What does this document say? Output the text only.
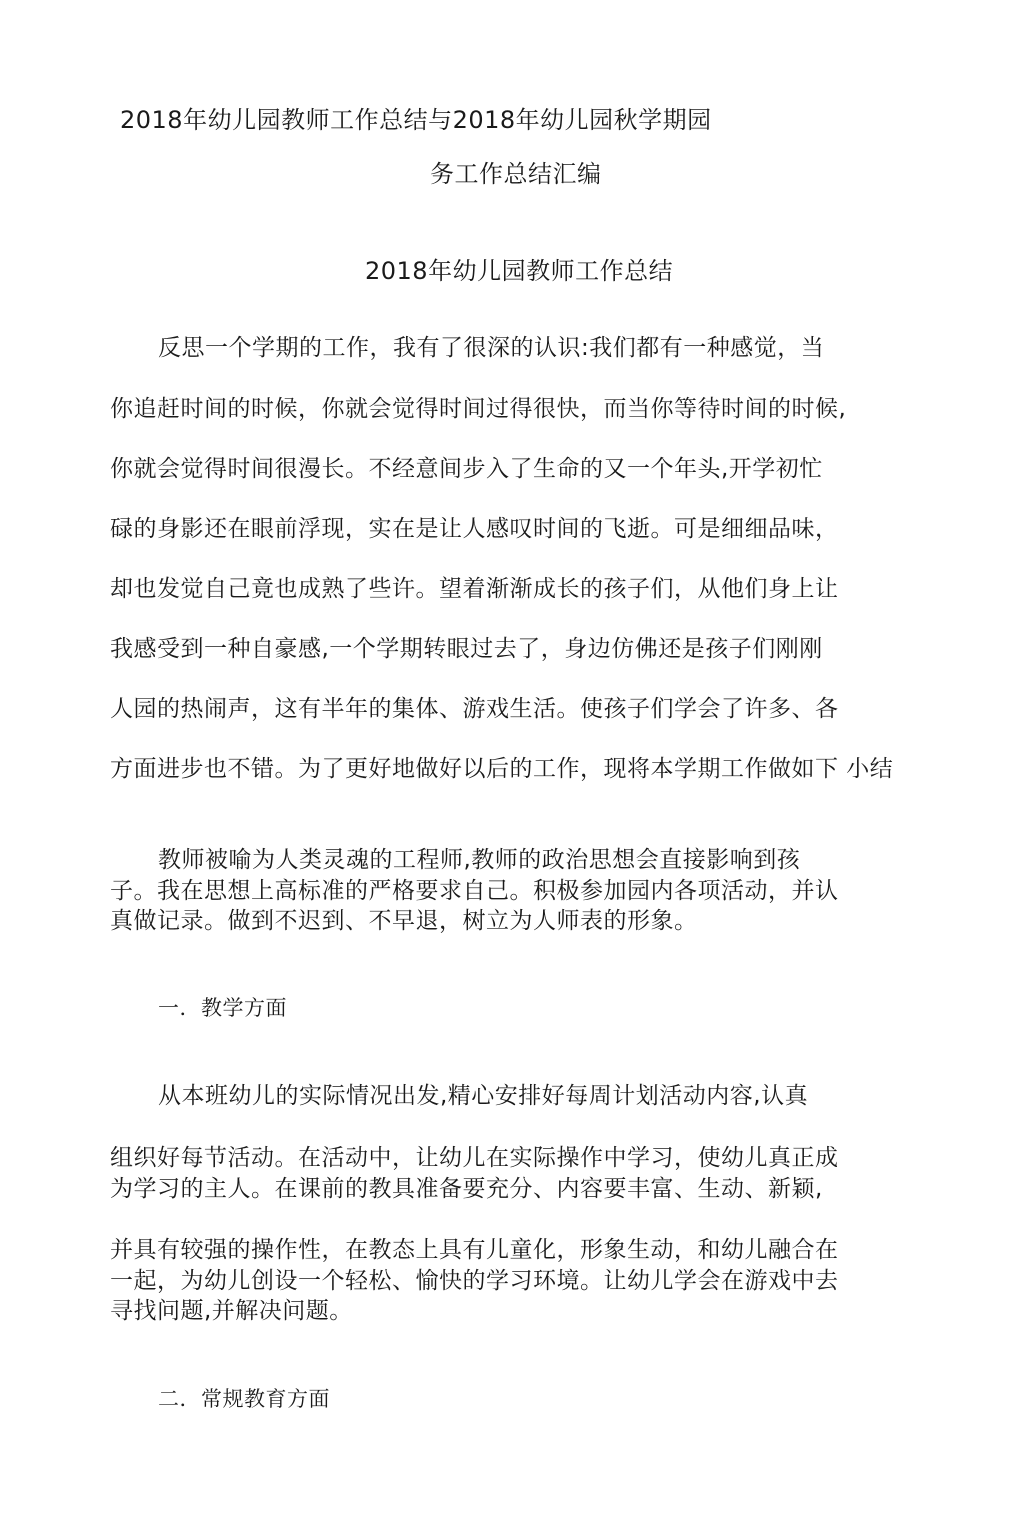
2018年幼儿园教师工作总结与2018年幼儿园秋学期园
务工作总结汇编
2018年幼儿园教师工作总结
反思一个学期的工作，我有了很深的认识:我们都有一种感觉，当
你追赶时间的时候，你就会觉得时间过得很快，而当你等待时间的时候,
你就会觉得时间很漫长。不经意间步入了生命的又一个年头,开学初忙
碌的身影还在眼前浮现，实在是让人感叹时间的飞逝。可是细细品味，
却也发觉自己竟也成熟了些许。望着渐渐成长的孩子们，从他们身上让
我感受到一种自豪感,一个学期转眼过去了，身边仿佛还是孩子们刚刚
人园的热闹声，这有半年的集体、游戏生活。使孩子们学会了许多、各
方面进步也不错。为了更好地做好以后的工作，现将本学期工作做如下 小结
教师被喻为人类灵魂的工程师,教师的政治思想会直接影响到孩
子。我在思想上高标准的严格要求自己。积极参加园内各项活动，并认
真做记录。做到不迟到、不早退，树立为人师表的形象。
一．教学方面
从本班幼儿的实际情况出发,精心安排好每周计划活动内容,认真
组织好每节活动。在活动中，让幼儿在实际操作中学习，使幼儿真正成
为学习的主人。在课前的教具准备要充分、内容要丰富、生动、新颖,
并具有较强的操作性，在教态上具有儿童化，形象生动，和幼儿融合在
一起，为幼儿创设一个轻松、愉快的学习环境。让幼儿学会在游戏中去
寻找问题,并解决问题。
二．常规教育方面
